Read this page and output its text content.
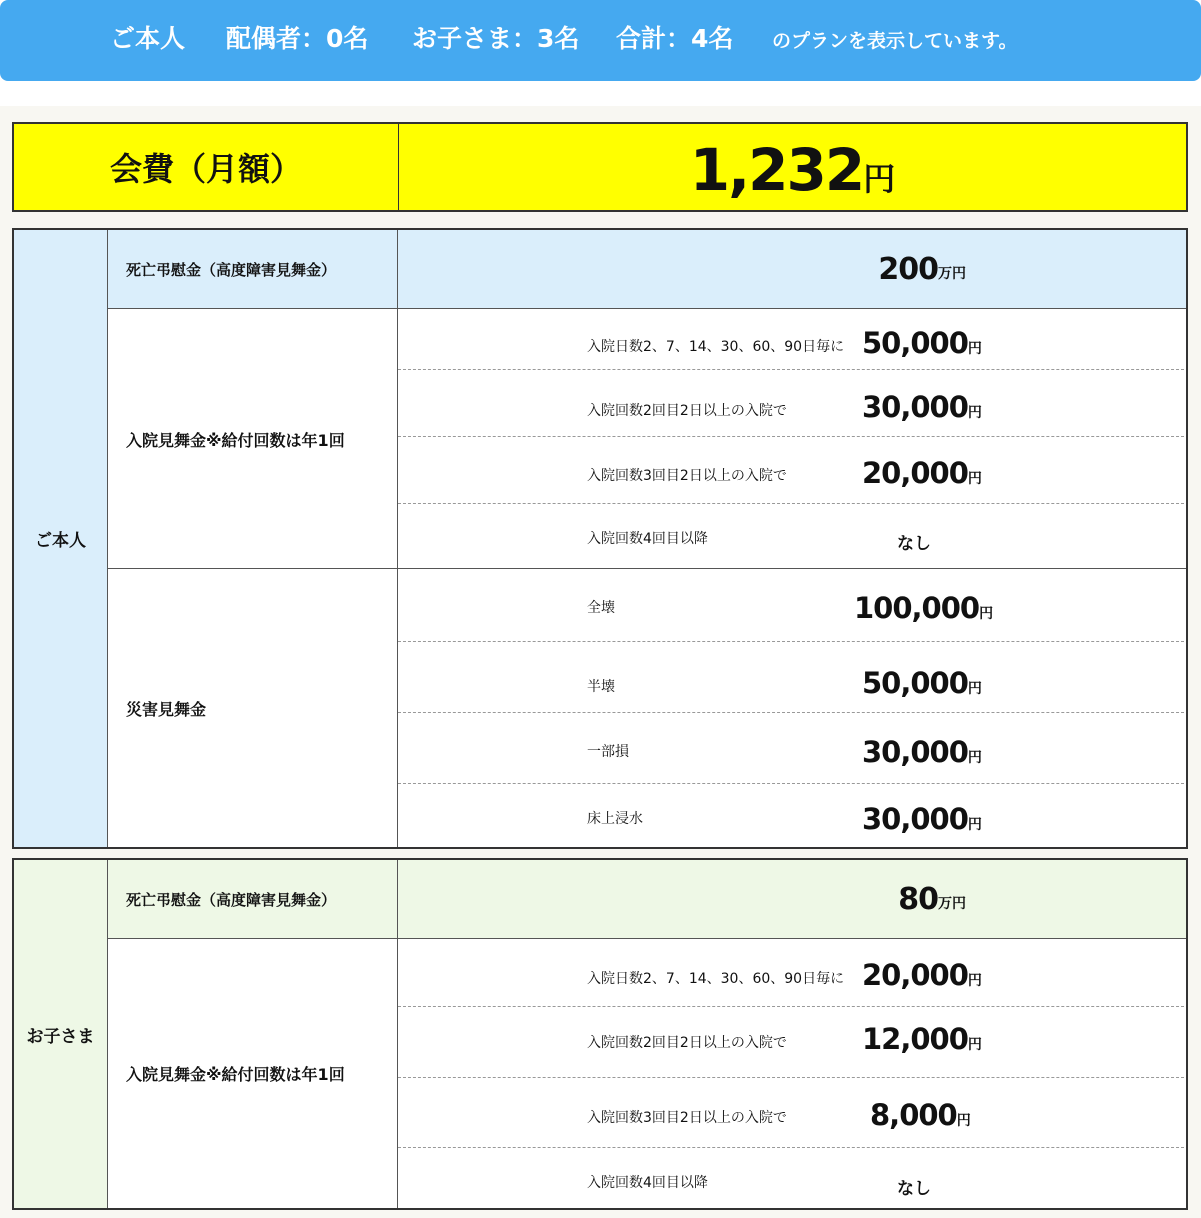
ご本人 配偶者：0名 お子さま：3名 合計：4名 のプランを表示しています。
会費（月額）	1,232 円
ご本人
死亡弔慰金（高度障害見舞金）	200 万円
入院見舞金※給付回数は年1回
入院日数2、7、14、30、60、90日毎に 50,000円
入院回数2回目2日以上の入院で	30,000円
入院回数3回目2日以上の入院で	20,000円
入院回数4回目以降	なし
災害見舞金
全壊	100,000円
半壊	50,000円
一部損	30,000円
床上浸水	30,000円
お子さま
死亡弔慰金（高度障害見舞金）	80 万円
入院見舞金※給付回数は年1回
入院日数2、7、14、30、60、90日毎に 20,000円
入院回数2回目2日以上の入院で	12,000円
入院回数3回目2日以上の入院で	8,000円
入院回数4回目以降	なし
